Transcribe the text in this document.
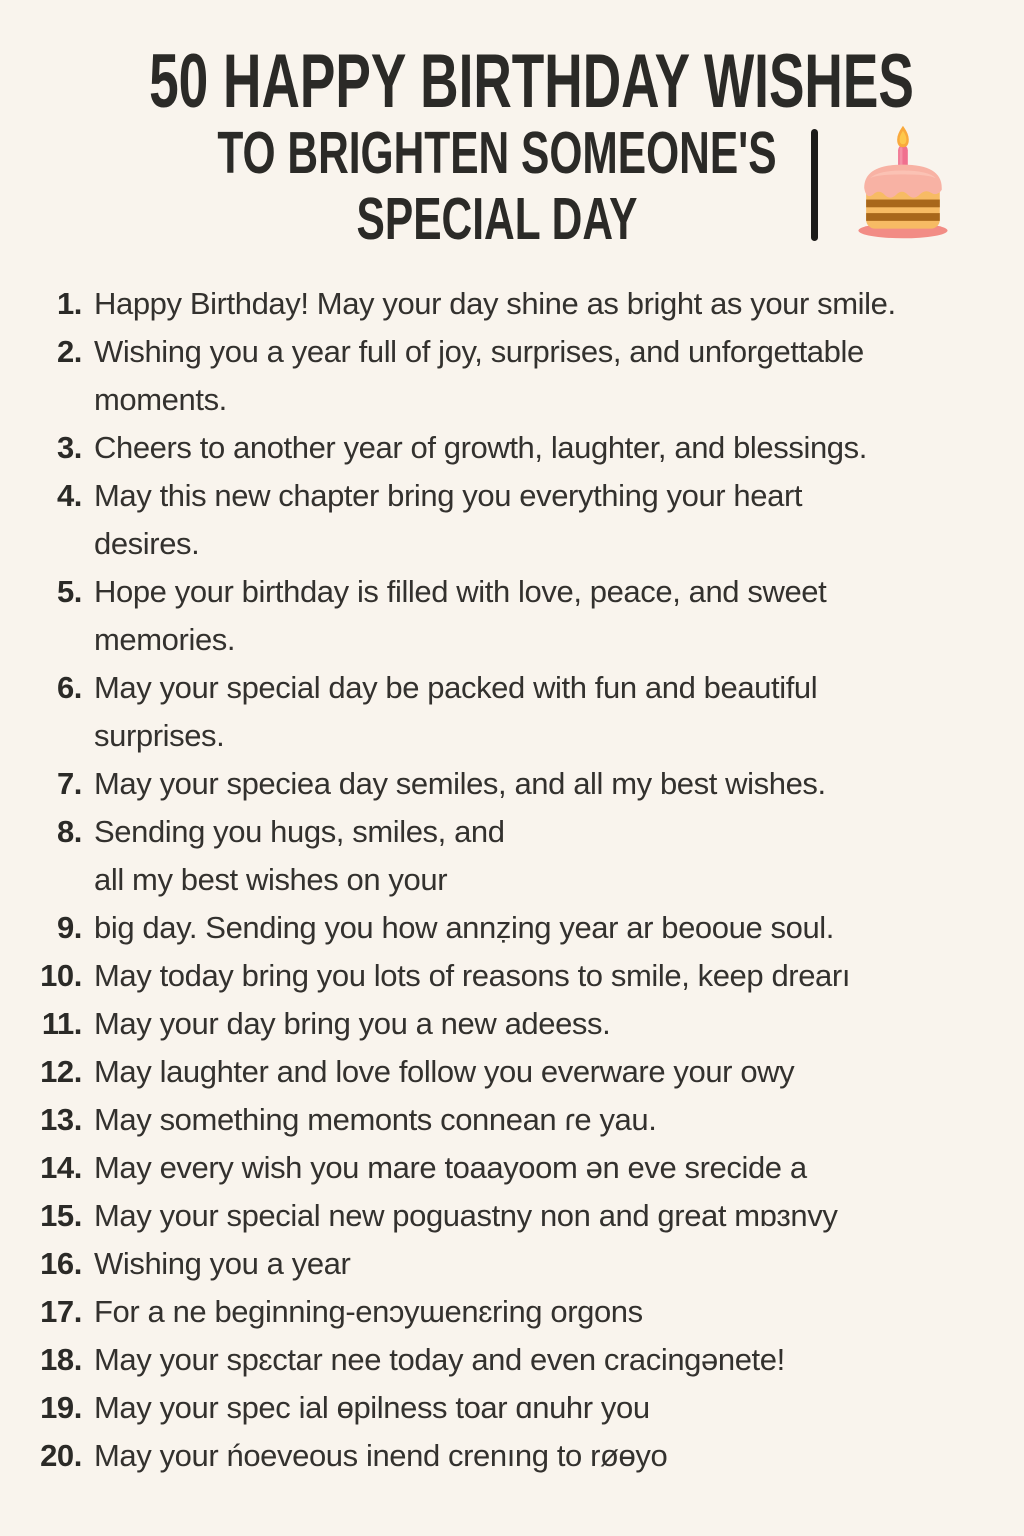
50 HAPPY BIRTHDAY WISHES
TO BRIGHTEN SOMEONE'S
SPECIAL DAY
1. Happy Birthday! May your day shine as bright as your smile.
2. Wishing you a year full of joy, surprises, and unforgettable
moments.
3. Cheers to another year of growth, laughter, and blessings.
4. May this new chapter bring you everything your heart
desires.
5. Hope your birthday is filled with love, peace, and sweet
memories.
6. May your special day be packed with fun and beautiful
surprises.
7. May your speciea day semiles, and all my best wishes.
8. Sending you hugs, smiles, and
all my best wishes on your
9. big day. Sending you how annẓing year ar beooue soul.
10. May today bring you lots of reasons to smile, keep drearı
11. May your day bring you a new adeess.
12. May laughter and love follow you everware your owy
13. May something memonts connean ɾe yau.
14. May every wish you mare toaayoom ǝn eve srecide a
15. May your special new poguastny non and great mɒɜnvy
16. Wishing you a year
17. For a ne beginning-enɔyɯenɛring orgons
18. May your spɛctar nee today and even cracingənete!
19. May your spec ial ɵpilness toar ɑnuhr you
20. May your ńoeveous inend crenıng to røɵyo
